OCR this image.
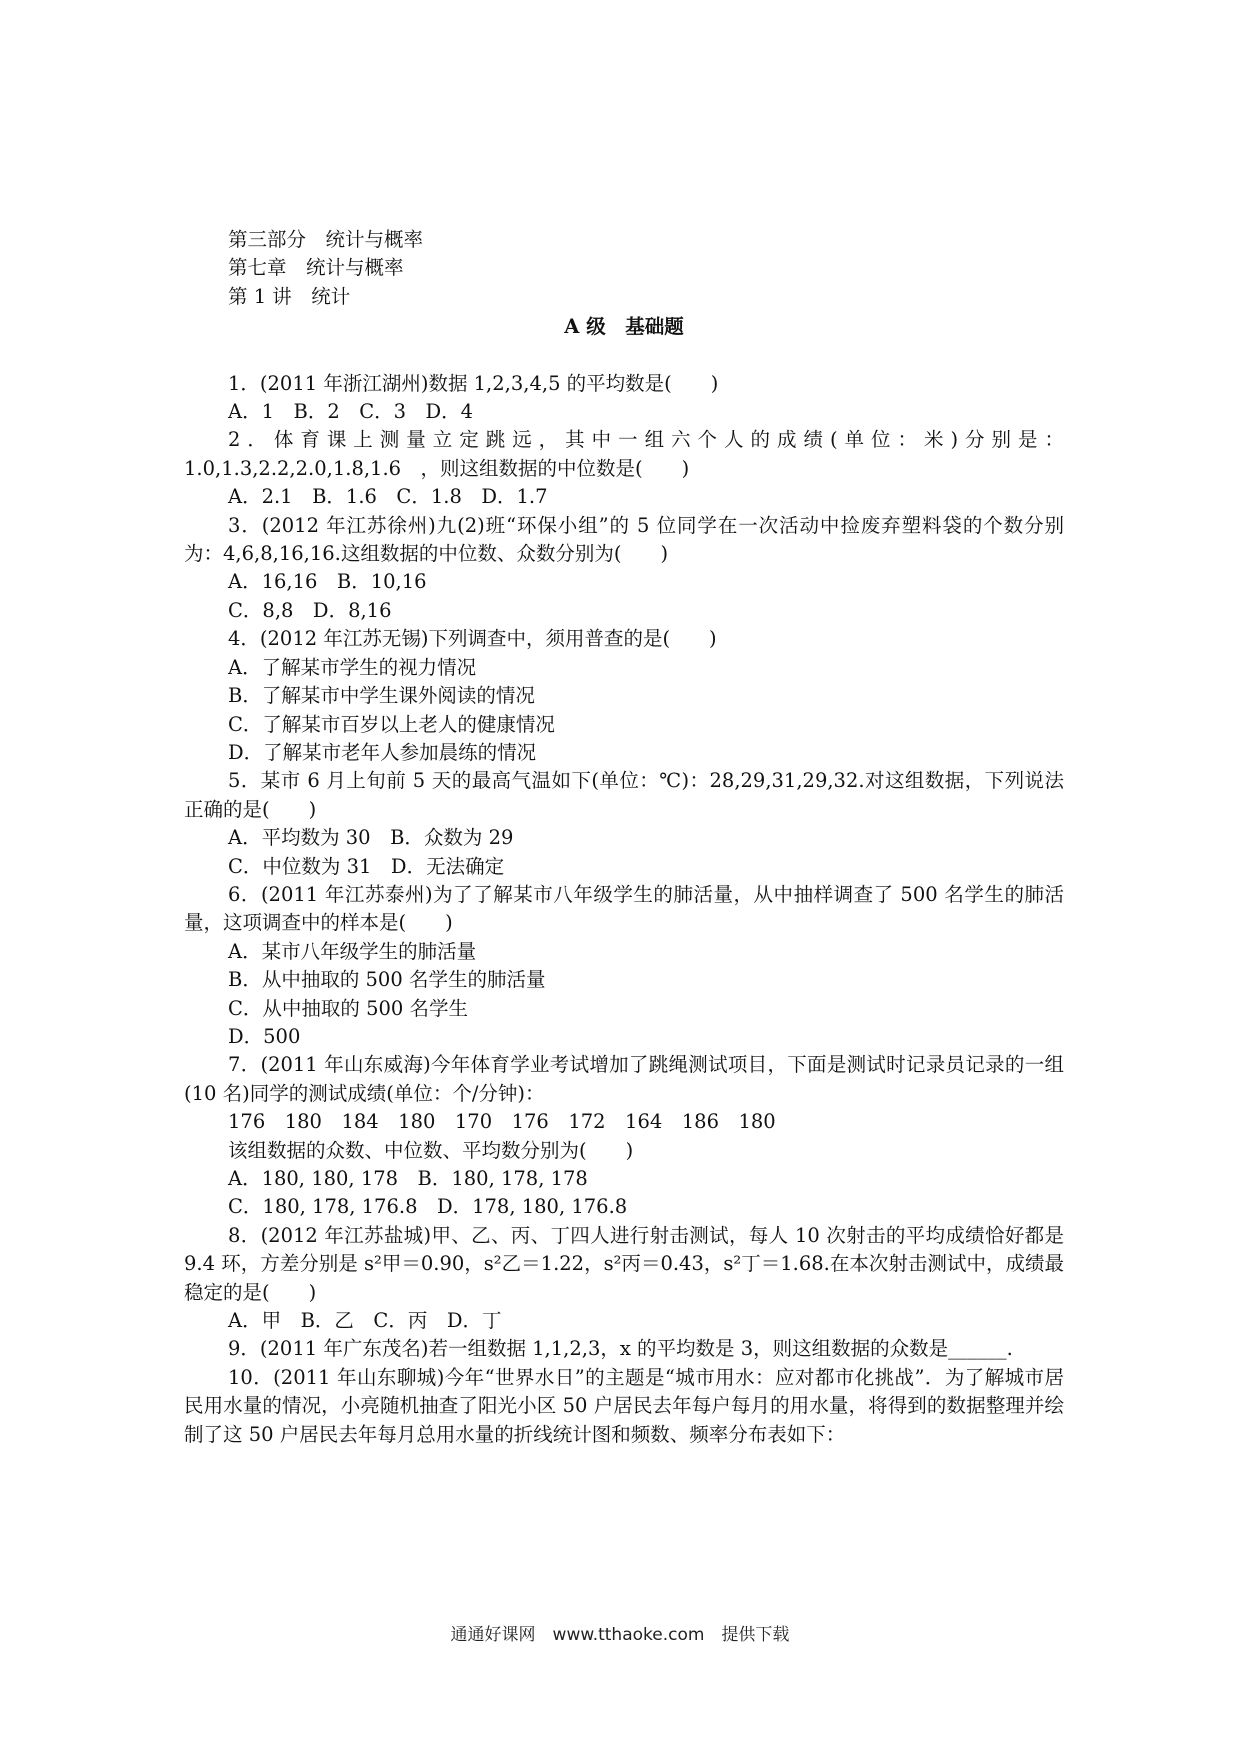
第三部分　统计与概率
第七章　统计与概率
第 1 讲　统计
A 级　基础题
1．(2011 年浙江湖州)数据 1,2,3,4,5 的平均数是(　　)
A．1　B．2　C．3　D．4
2．体育课上测量立定跳远，其中一组六个人的成绩(单位：米)分别是：1.0,1.3,2.2,2.0,1.8,1.6　，则这组数据的中位数是(　　)
A．2.1　B．1.6　C．1.8　D．1.7
3．(2012 年江苏徐州)九(2)班“环保小组”的 5 位同学在一次活动中捡废弃塑料袋的个数分别为：4,6,8,16,16.这组数据的中位数、众数分别为(　　)
A．16,16　B．10,16
C．8,8　D．8,16
4．(2012 年江苏无锡)下列调查中，须用普查的是(　　)
A．了解某市学生的视力情况
B．了解某市中学生课外阅读的情况
C．了解某市百岁以上老人的健康情况
D．了解某市老年人参加晨练的情况
5．某市 6 月上旬前 5 天的最高气温如下(单位：℃)：28,29,31,29,32.对这组数据，下列说法正确的是(　　)
A．平均数为 30　B．众数为 29
C．中位数为 31　D．无法确定
6．(2011 年江苏泰州)为了了解某市八年级学生的肺活量，从中抽样调查了 500 名学生的肺活量，这项调查中的样本是(　　)
A．某市八年级学生的肺活量
B．从中抽取的 500 名学生的肺活量
C．从中抽取的 500 名学生
D．500
7．(2011 年山东威海)今年体育学业考试增加了跳绳测试项目，下面是测试时记录员记录的一组(10 名)同学的测试成绩(单位：个/分钟)：
176　180　184　180　170　176　172　164　186　180
该组数据的众数、中位数、平均数分别为(　　)
A．180, 180, 178　B．180, 178, 178
C．180, 178, 176.8　D．178, 180, 176.8
8．(2012 年江苏盐城)甲、乙、丙、丁四人进行射击测试，每人 10 次射击的平均成绩恰好都是 9.4 环，方差分别是 s²甲＝0.90，s²乙＝1.22，s²丙＝0.43，s²丁＝1.68.在本次射击测试中，成绩最稳定的是(　　)
A．甲　B．乙　C．丙　D．丁
9．(2011 年广东茂名)若一组数据 1,1,2,3，x 的平均数是 3，则这组数据的众数是______.
10．(2011 年山东聊城)今年“世界水日”的主题是“城市用水：应对都市化挑战”．为了解城市居民用水量的情况，小亮随机抽查了阳光小区 50 户居民去年每户每月的用水量，将得到的数据整理并绘制了这 50 户居民去年每月总用水量的折线统计图和频数、频率分布表如下：
通通好课网　www.tthaoke.com　提供下载
